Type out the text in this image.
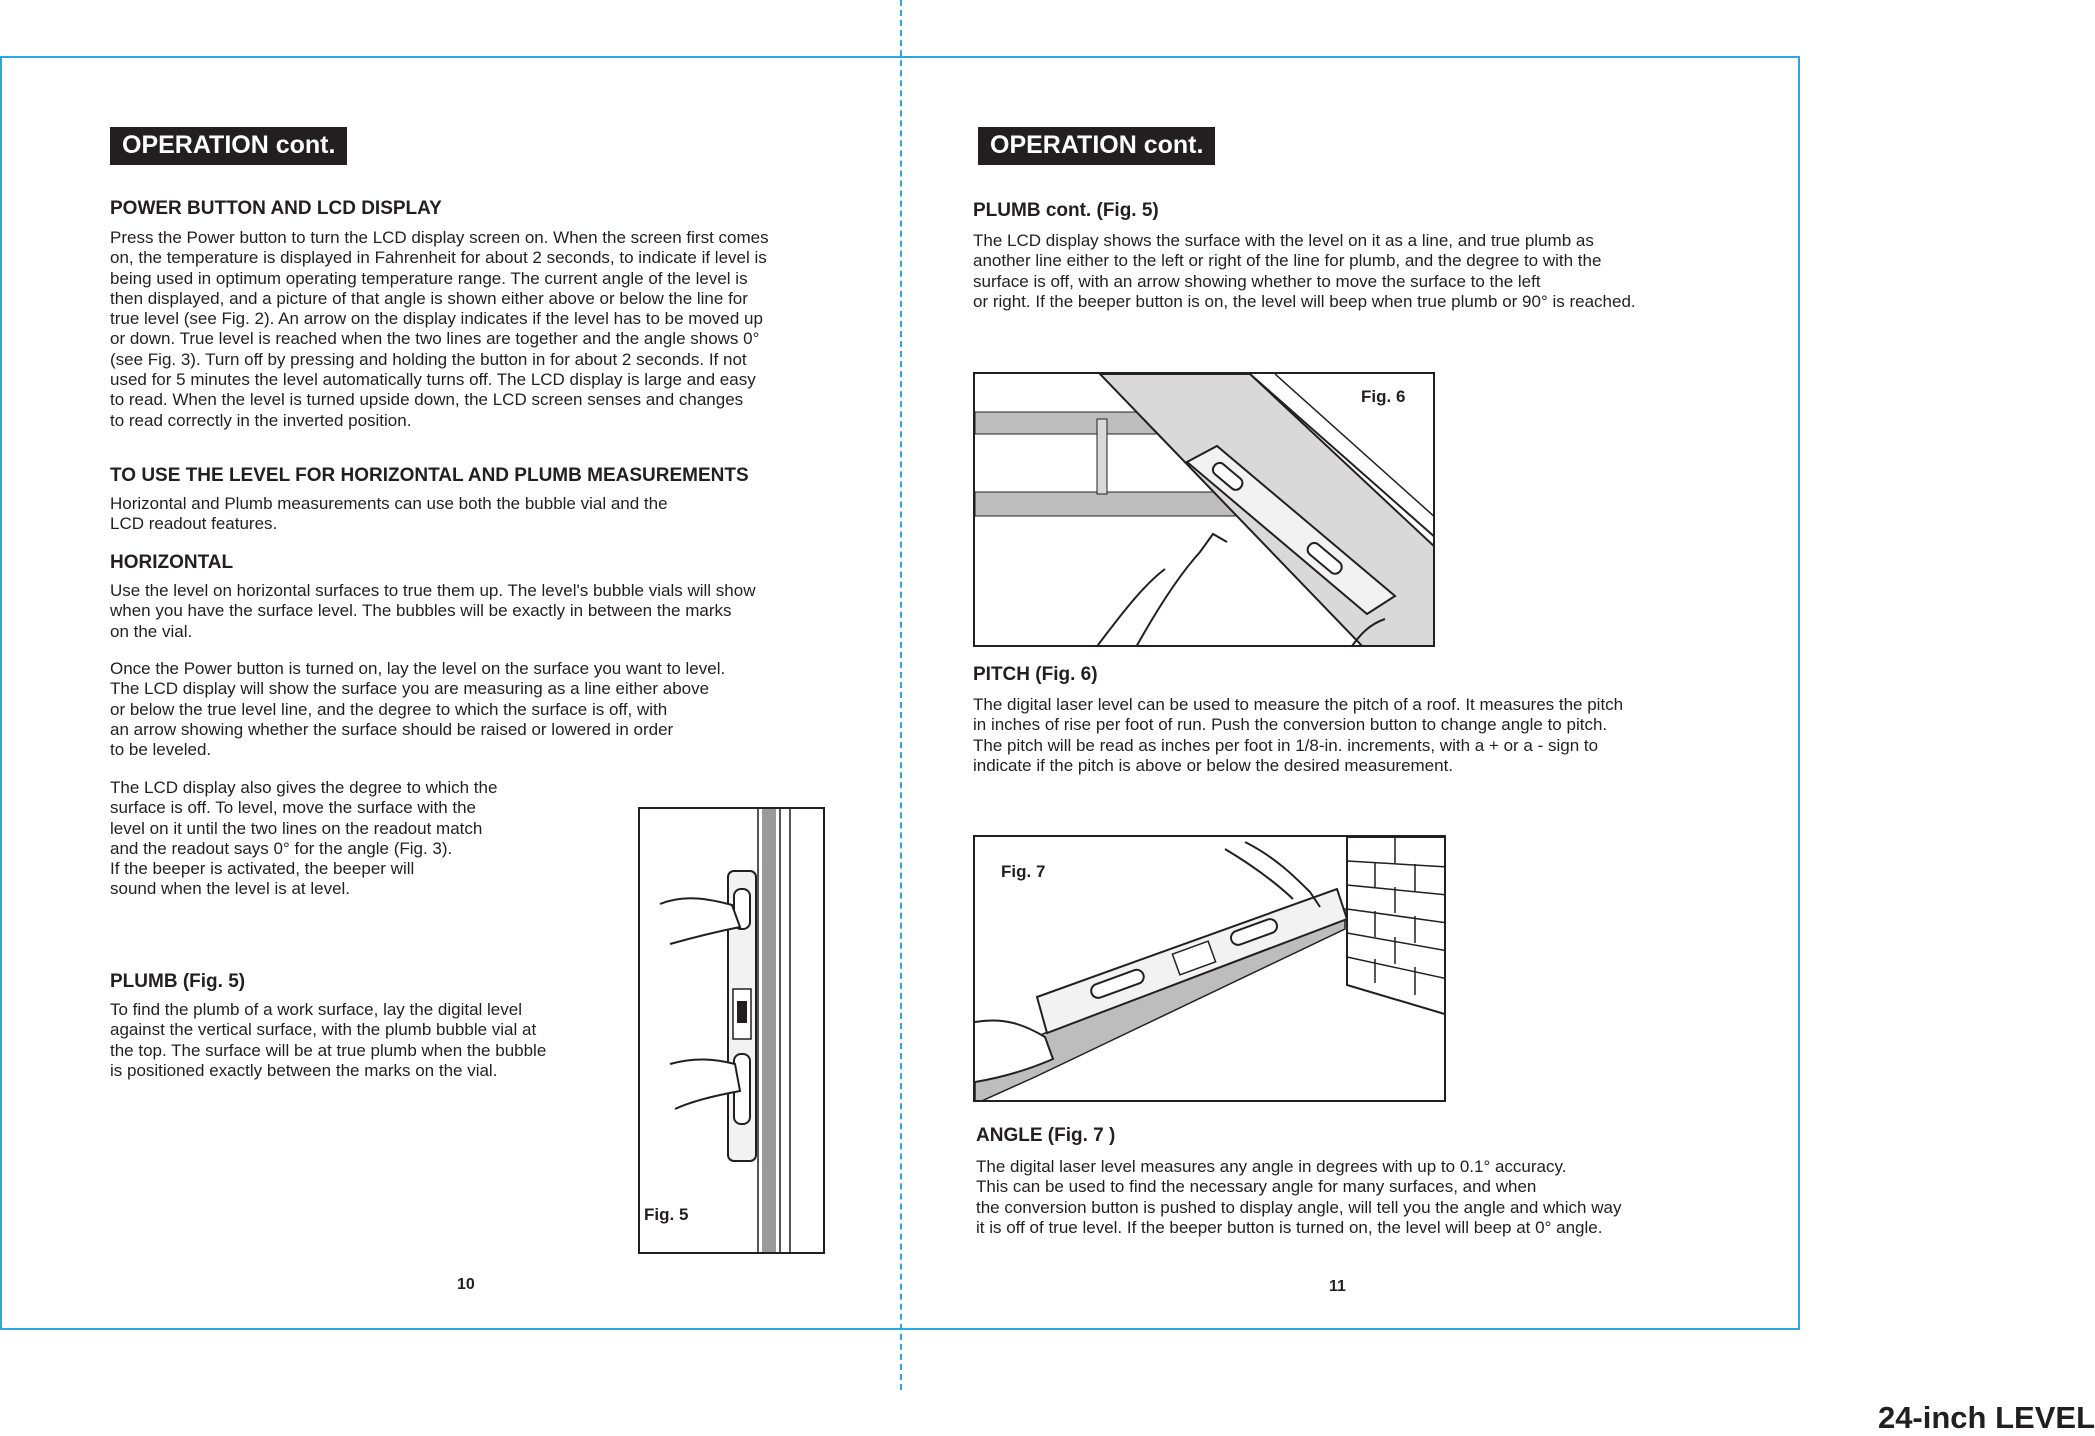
OPERATION cont.
POWER BUTTON AND LCD DISPLAY

Press the Power button to turn the LCD display screen on. When the screen first comes
on, the temperature is displayed in Fahrenheit for about 2 seconds, to indicate if level is
being used in optimum operating temperature range. The current angle of the level is
then displayed, and a picture of that angle is shown either above or below the line for
true level (see Fig. 2). An arrow on the display indicates if the level has to be moved up
or down. True level is reached when the two lines are together and the angle shows 0°
(see Fig. 3). Turn off by pressing and holding the button in for about 2 seconds. If not
used for 5 minutes the level automatically turns off. The LCD display is large and easy
to read. When the level is turned upside down, the LCD screen senses and changes
to read correctly in the inverted position.

TO USE THE LEVEL FOR HORIZONTAL AND PLUMB MEASUREMENTS

Horizontal and Plumb measurements can use both the bubble vial and the
LCD readout features.

HORIZONTAL

Use the level on horizontal surfaces to true them up. The level's bubble vials will show
when you have the surface level. The bubbles will be exactly in between the marks
on the vial.

Once the Power button is turned on, lay the level on the surface you want to level.
The LCD display will show the surface you are measuring as a line either above
or below the true level line, and the degree to which the surface is off, with
an arrow showing whether the surface should be raised or lowered in order
to be leveled.

The LCD display also gives the degree to which the
surface is off. To level, move the surface with the
level on it until the two lines on the readout match
and the readout says 0° for the angle (Fig. 3).
If the beeper is activated, the beeper will
sound when the level is at level.

PLUMB (Fig. 5)

To find the plumb of a work surface, lay the digital level
against the vertical surface, with the plumb bubble vial at
the top. The surface will be at true plumb when the bubble
is positioned exactly between the marks on the vial.

Fig. 5
10
OPERATION cont.
PLUMB cont. (Fig. 5)

The LCD display shows the surface with the level on it as a line, and true plumb as
another line either to the left or right of the line for plumb, and the degree to with the
surface is off, with an arrow showing whether to move the surface to the left
or right. If the beeper button is on, the level will beep when true plumb or 90° is reached.

Fig. 6
PITCH (Fig. 6)

The digital laser level can be used to measure the pitch of a roof. It measures the pitch
in inches of rise per foot of run. Push the conversion button to change angle to pitch.
The pitch will be read as inches per foot in 1/8-in. increments, with a + or a - sign to
indicate if the pitch is above or below the desired measurement.

Fig. 7
ANGLE (Fig. 7 )

The digital laser level measures any angle in degrees with up to 0.1° accuracy.
This can be used to find the necessary angle for many surfaces, and when
the conversion button is pushed to display angle, will tell you the angle and which way
it is off of true level. If the beeper button is turned on, the level will beep at 0° angle.

11
24-inch LEVEL
